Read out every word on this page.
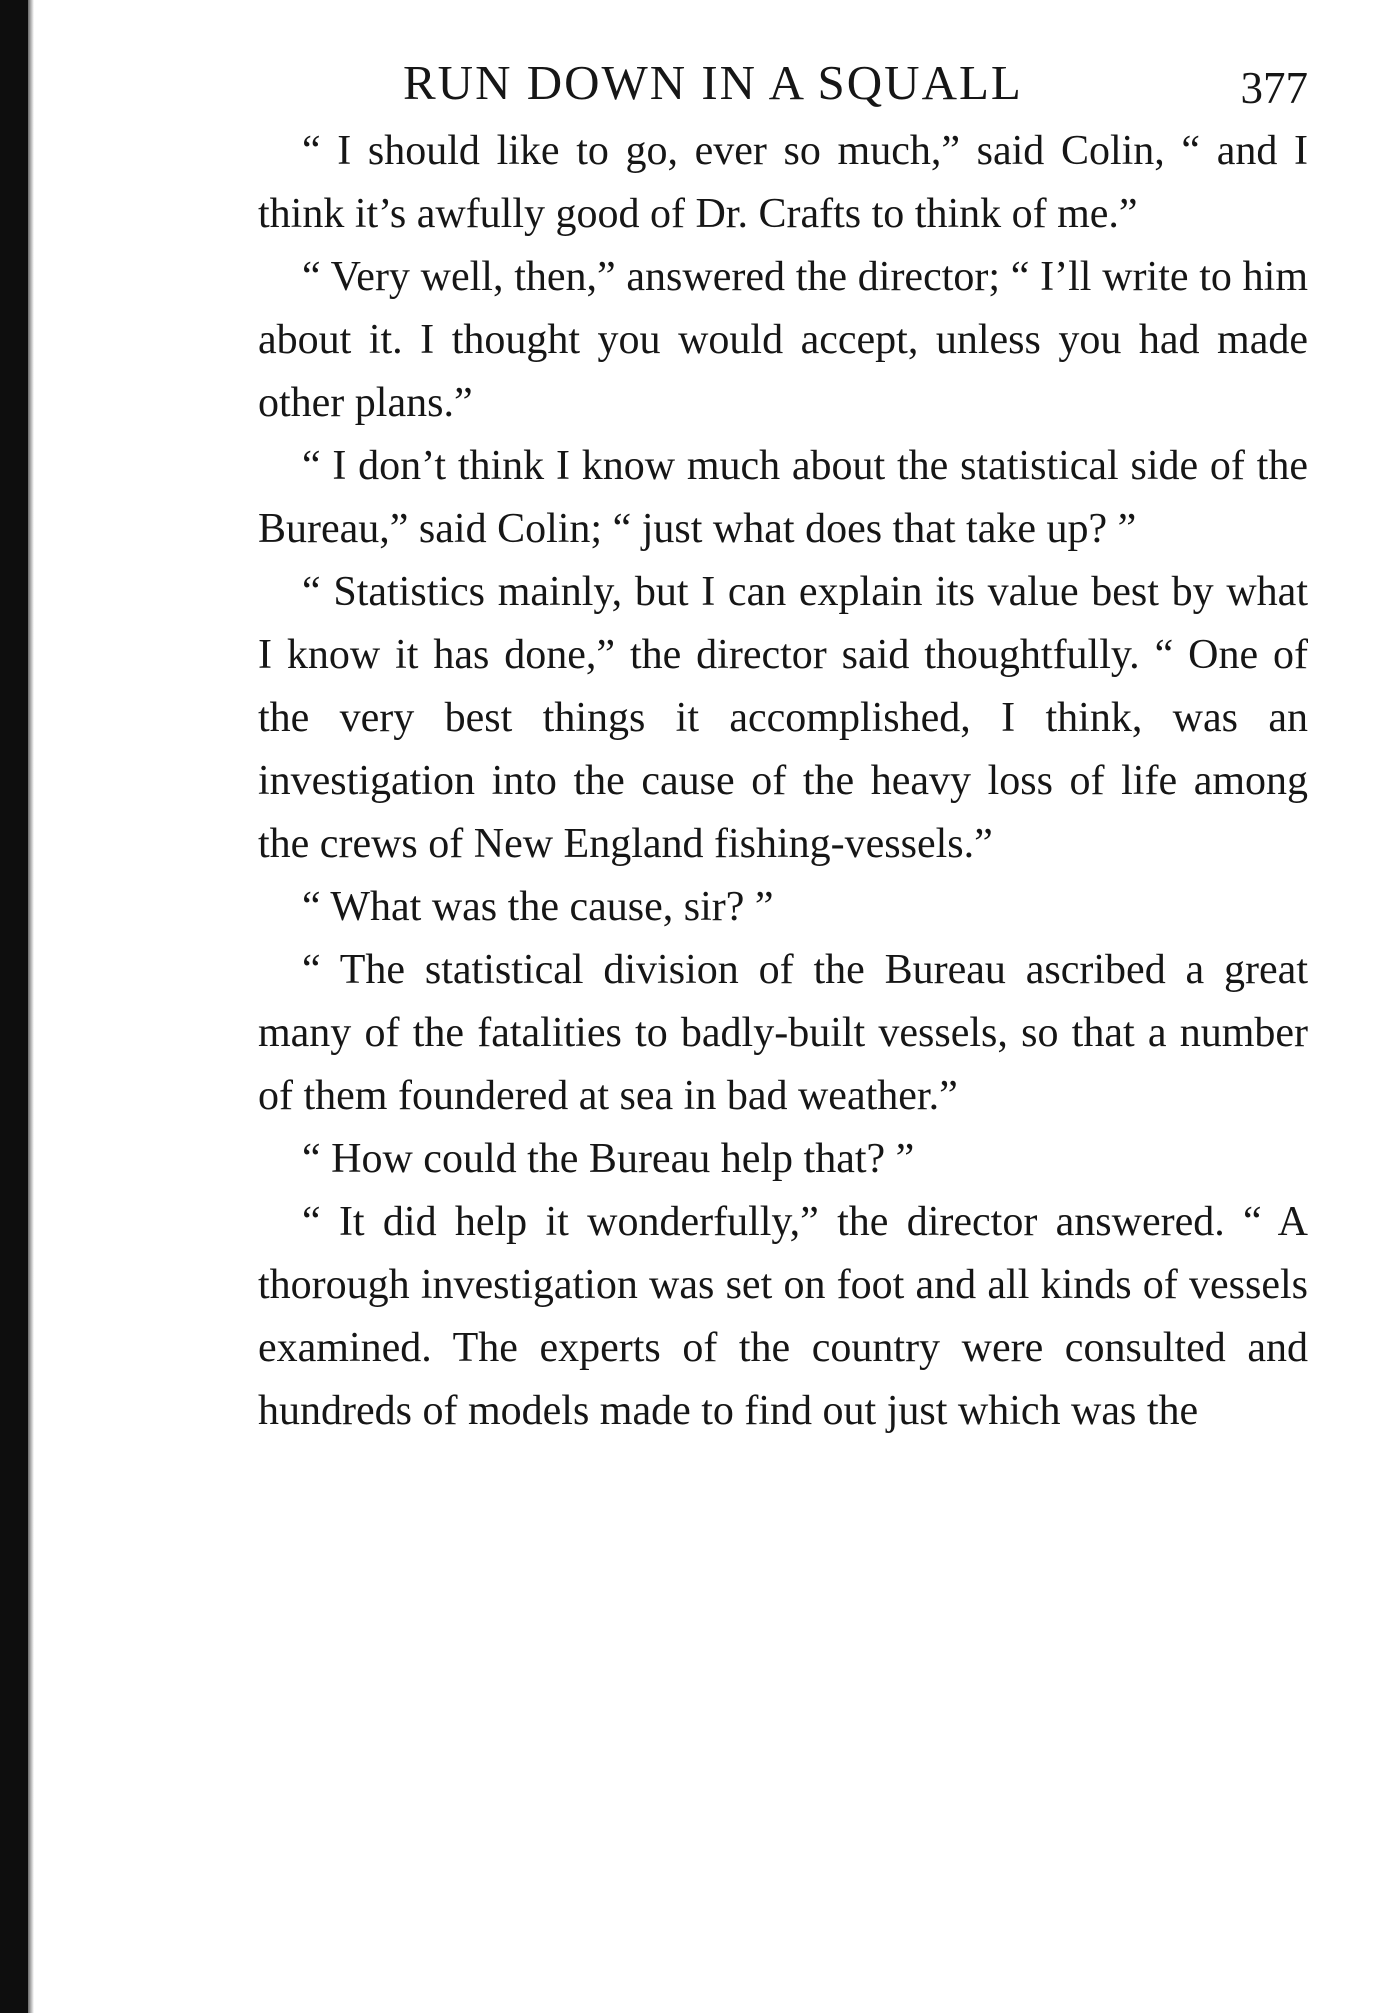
RUN DOWN IN A SQUALL	377

“ I should like to go, ever so much,” said Colin, “ and I think it’s awfully good of Dr. Crafts to think of me.”

“ Very well, then,” answered the director; “ I’ll write to him about it. I thought you would accept, unless you had made other plans.”

“ I don’t think I know much about the statistical side of the Bureau,” said Colin; “ just what does that take up? ”

“ Statistics mainly, but I can explain its value best by what I know it has done,” the director said thoughtfully. “ One of the very best things it accomplished, I think, was an investigation into the cause of the heavy loss of life among the crews of New England fishing-vessels.”

“ What was the cause, sir? ”

“ The statistical division of the Bureau ascribed a great many of the fatalities to badly-built vessels, so that a number of them foundered at sea in bad weather.”

“ How could the Bureau help that? ”

“ It did help it wonderfully,” the director answered. “ A thorough investigation was set on foot and all kinds of vessels examined. The experts of the country were consulted and hundreds of models made to find out just which was the
